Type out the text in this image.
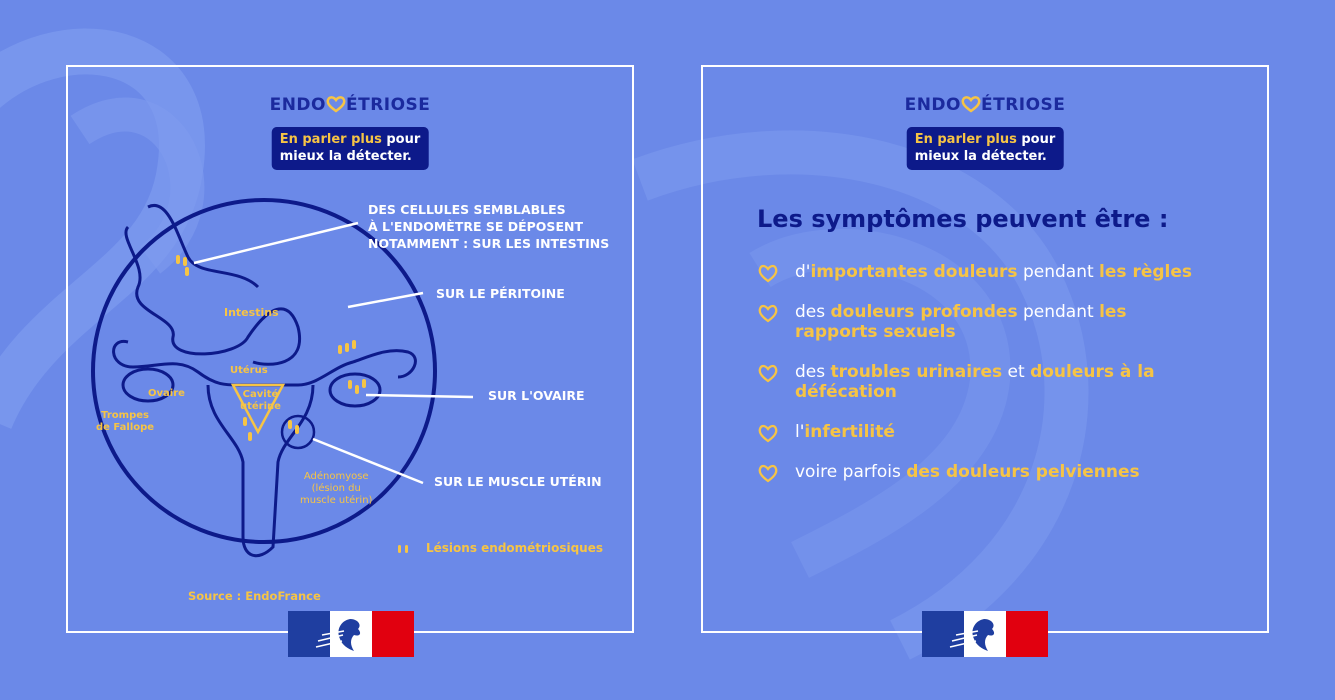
ENDO ÉTRIOSE
En parler plus pour
mieux la détecter.
DES CELLULES SEMBLABLES
À L'ENDOMÈTRE SE DÉPOSENT
NOTAMMENT : SUR LES INTESTINS
SUR LE PÉRITOINE
SUR L'OVAIRE
SUR LE MUSCLE UTÉRIN
Intestins
Utérus
Ovaire	Cavité
utérine
Trompes
de Fallope
Adénomyose
(lésion du
muscle utérin)
Lésions endométriosiques
Source : EndoFrance
ENDO ÉTRIOSE
En parler plus pour
mieux la détecter.
Les symptômes peuvent être :
d'importantes douleurs pendant les règles
des douleurs profondes pendant les rapports sexuels
des troubles urinaires et douleurs à la défécation
l'infertilité
voire parfois des douleurs pelviennes
